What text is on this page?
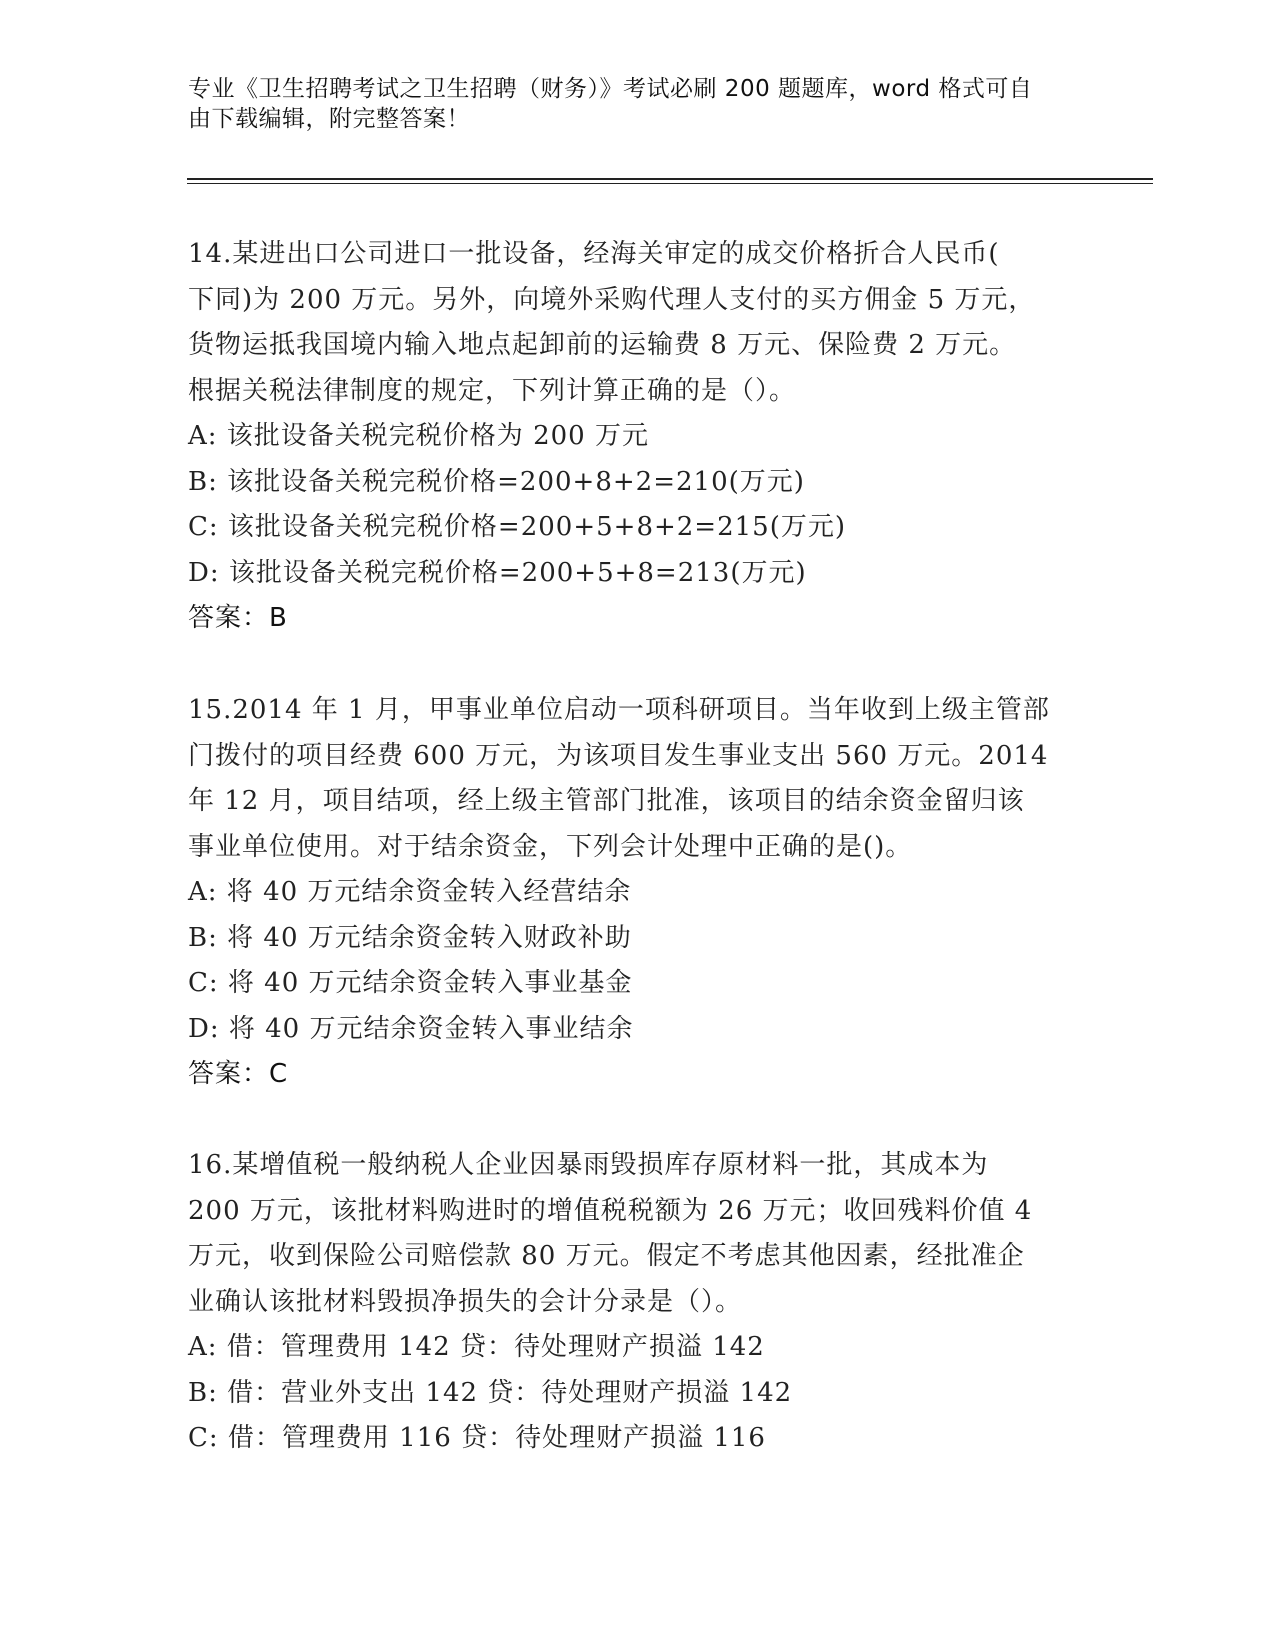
专业《卫生招聘考试之卫生招聘（财务）》考试必刷 200 题题库，word 格式可自

由下载编辑，附完整答案！

14.某进出口公司进口一批设备，经海关审定的成交价格折合人民币(

下同)为 200 万元。另外，向境外采购代理人支付的买方佣金 5 万元，

货物运抵我国境内输入地点起卸前的运输费 8 万元、保险费 2 万元。

根据关税法律制度的规定，下列计算正确的是（）。

A: 该批设备关税完税价格为 200 万元

B: 该批设备关税完税价格=200+8+2=210(万元)

C: 该批设备关税完税价格=200+5+8+2=215(万元)

D: 该批设备关税完税价格=200+5+8=213(万元)

答案：B

15.2014 年 1 月，甲事业单位启动一项科研项目。当年收到上级主管部

门拨付的项目经费 600 万元，为该项目发生事业支出 560 万元。2014

年 12 月，项目结项，经上级主管部门批准，该项目的结余资金留归该

事业单位使用。对于结余资金，下列会计处理中正确的是()。

A: 将 40 万元结余资金转入经营结余

B: 将 40 万元结余资金转入财政补助

C: 将 40 万元结余资金转入事业基金

D: 将 40 万元结余资金转入事业结余

答案：C

16.某增值税一般纳税人企业因暴雨毁损库存原材料一批，其成本为

200 万元，该批材料购进时的增值税税额为 26 万元；收回残料价值 4

万元，收到保险公司赔偿款 80 万元。假定不考虑其他因素，经批准企

业确认该批材料毁损净损失的会计分录是（）。

A: 借：管理费用 142 贷：待处理财产损溢 142

B: 借：营业外支出 142 贷：待处理财产损溢 142

C: 借：管理费用 116 贷：待处理财产损溢 116
